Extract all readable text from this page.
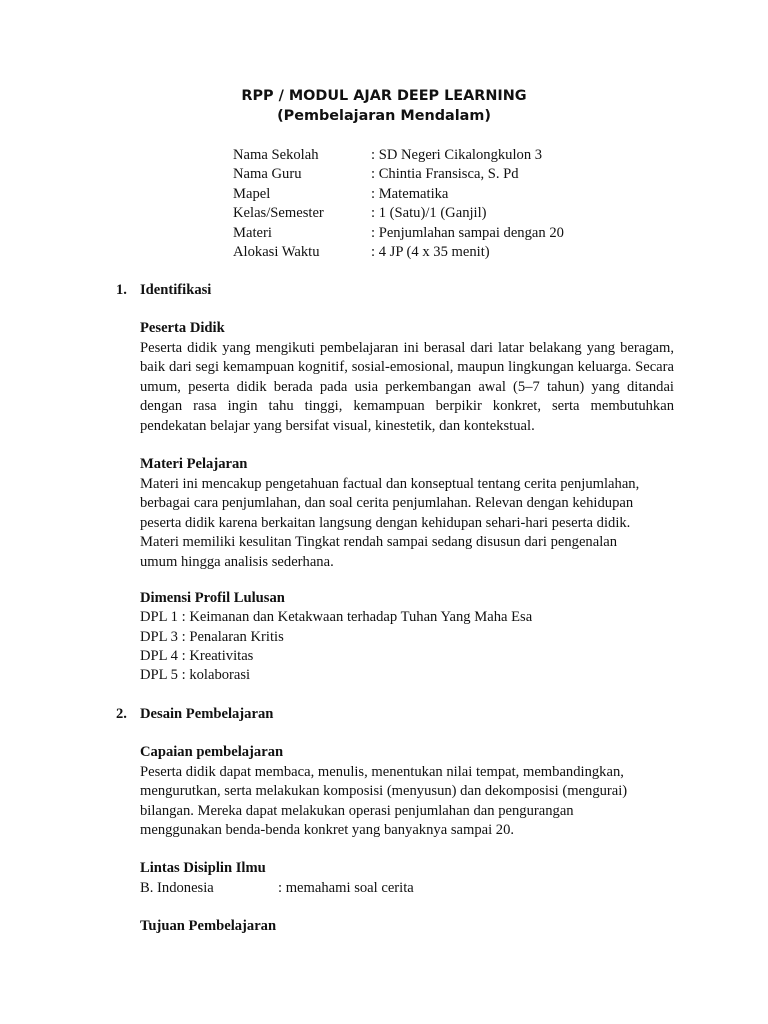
RPP / MODUL AJAR DEEP LEARNING
(Pembelajaran Mendalam)
Nama Sekolah	: SD Negeri Cikalongkulon 3
Nama Guru	: Chintia Fransisca, S. Pd
Mapel	: Matematika
Kelas/Semester	: 1 (Satu)/1 (Ganjil)
Materi	: Penjumlahan sampai dengan 20
Alokasi Waktu	: 4 JP (4 x 35 menit)
1. Identifikasi
Peserta Didik
Peserta didik yang mengikuti pembelajaran ini berasal dari latar belakang yang beragam, baik dari segi kemampuan kognitif, sosial-emosional, maupun lingkungan keluarga. Secara umum, peserta didik berada pada usia perkembangan awal (5–7 tahun) yang ditandai dengan rasa ingin tahu tinggi, kemampuan berpikir konkret, serta membutuhkan pendekatan belajar yang bersifat visual, kinestetik, dan kontekstual.
Materi Pelajaran
Materi ini mencakup pengetahuan factual dan konseptual tentang cerita penjumlahan,
berbagai cara penjumlahan, dan soal cerita penjumlahan. Relevan dengan kehidupan
peserta didik karena berkaitan langsung dengan kehidupan sehari-hari peserta didik.
Materi memiliki kesulitan Tingkat rendah sampai sedang disusun dari pengenalan
umum hingga analisis sederhana.
Dimensi Profil Lulusan
DPL 1 : Keimanan dan Ketakwaan terhadap Tuhan Yang Maha Esa
DPL 3 : Penalaran Kritis
DPL 4 : Kreativitas
DPL 5 : kolaborasi
2. Desain Pembelajaran
Capaian pembelajaran
Peserta didik dapat membaca, menulis, menentukan nilai tempat, membandingkan,
mengurutkan, serta melakukan komposisi (menyusun) dan dekomposisi (mengurai)
bilangan. Mereka dapat melakukan operasi penjumlahan dan pengurangan
menggunakan benda-benda konkret yang banyaknya sampai 20.
Lintas Disiplin Ilmu
B. Indonesia	: memahami soal cerita
Tujuan Pembelajaran
